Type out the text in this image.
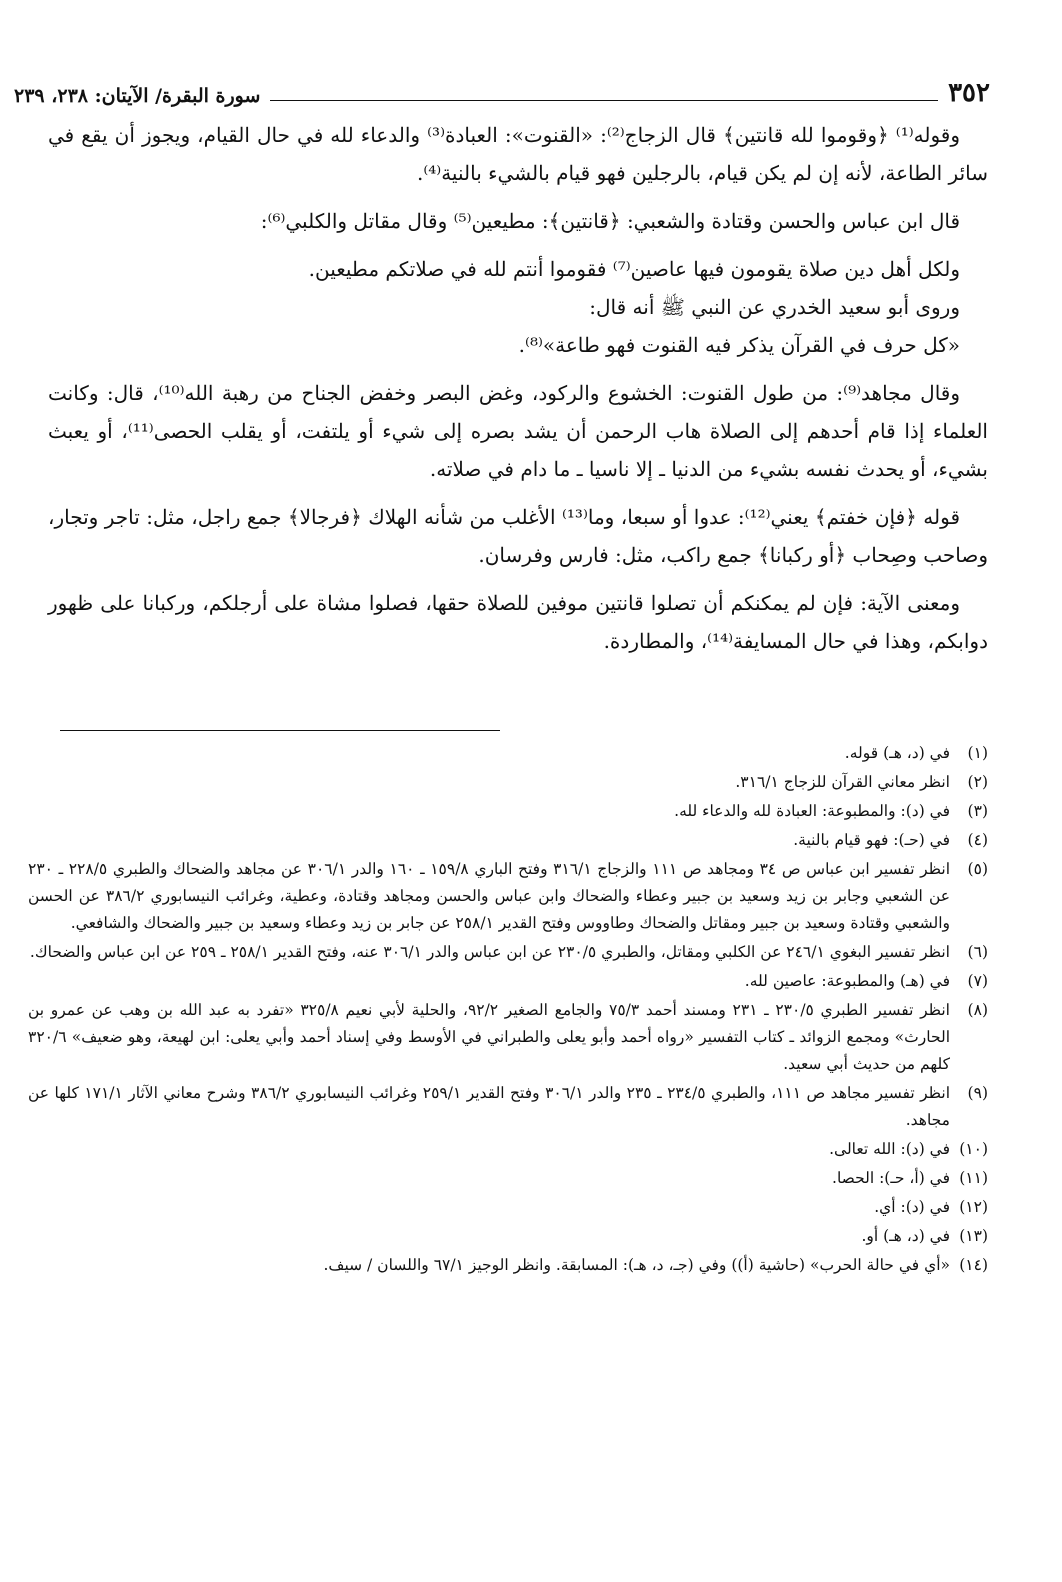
٣٥٢
سورة البقرة/ الآيتان: ٢٣٨، ٢٣٩

وقوله⁽¹⁾ ﴿وقوموا لله قانتين﴾ قال الزجاج⁽²⁾: «القنوت»: العبادة⁽³⁾ والدعاء لله في حال القيام، ويجوز أن يقع في سائر الطاعة، لأنه إن لم يكن قيام، بالرجلين فهو قيام بالشيء بالنية⁽⁴⁾.

قال ابن عباس والحسن وقتادة والشعبي: ﴿قانتين﴾: مطيعين⁽⁵⁾ وقال مقاتل والكلبي⁽⁶⁾:

ولكل أهل دين صلاة يقومون فيها عاصين⁽⁷⁾ فقوموا أنتم لله في صلاتكم مطيعين.

وروى أبو سعيد الخدري عن النبي ﷺ أنه قال:

«كل حرف في القرآن يذكر فيه القنوت فهو طاعة»⁽⁸⁾.

وقال مجاهد⁽⁹⁾: من طول القنوت: الخشوع والركود، وغض البصر وخفض الجناح من رهبة الله⁽¹⁰⁾، قال: وكانت العلماء إذا قام أحدهم إلى الصلاة هاب الرحمن أن يشد بصره إلى شيء أو يلتفت، أو يقلب الحصى⁽¹¹⁾، أو يعبث بشيء، أو يحدث نفسه بشيء من الدنيا ـ إلا ناسيا ـ ما دام في صلاته.

قوله ﴿فإن خفتم﴾ يعني⁽¹²⁾: عدوا أو سبعا، وما⁽¹³⁾ الأغلب من شأنه الهلاك ﴿فرجالا﴾ جمع راجل، مثل: تاجر وتجار، وصاحب وصِحاب ﴿أو ركبانا﴾ جمع راكب، مثل: فارس وفرسان.

ومعنى الآية: فإن لم يمكنكم أن تصلوا قانتين موفين للصلاة حقها، فصلوا مشاة على أرجلكم، وركبانا على ظهور دوابكم، وهذا في حال المسايفة⁽¹⁴⁾، والمطاردة.

(١)
في (د، هـ) قوله.
(٢)
انظر معاني القرآن للزجاج ٣١٦/١.
(٣)
في (د): والمطبوعة: العبادة لله والدعاء لله.
(٤)
في (حـ): فهو قيام بالنية.
(٥)
انظر تفسير ابن عباس ص ٣٤ ومجاهد ص ١١١ والزجاج ٣١٦/١ وفتح الباري ١٥٩/٨ ـ ١٦٠ والدر ٣٠٦/١ عن مجاهد والضحاك والطبري ٢٢٨/٥ ـ ٢٣٠ عن الشعبي وجابر بن زيد وسعيد بن جبير وعطاء والضحاك وابن عباس والحسن ومجاهد وقتادة، وعطية، وغرائب النيسابوري ٣٨٦/٢ عن الحسن والشعبي وقتادة وسعيد بن جبير ومقاتل والضحاك وطاووس وفتح القدير ٢٥٨/١ عن جابر بن زيد وعطاء وسعيد بن جبير والضحاك والشافعي.
(٦)
انظر تفسير البغوي ٢٤٦/١ عن الكلبي ومقاتل، والطبري ٢٣٠/٥ عن ابن عباس والدر ٣٠٦/١ عنه، وفتح القدير ٢٥٨/١ ـ ٢٥٩ عن ابن عباس والضحاك.
(٧)
في (هـ) والمطبوعة: عاصين لله.
(٨)
انظر تفسير الطبري ٢٣٠/٥ ـ ٢٣١ ومسند أحمد ٧٥/٣ والجامع الصغير ٩٢/٢، والحلية لأبي نعيم ٣٢٥/٨ «تفرد به عبد الله بن وهب عن عمرو بن الحارث» ومجمع الزوائد ـ كتاب التفسير «رواه أحمد وأبو يعلى والطبراني في الأوسط وفي إسناد أحمد وأبي يعلى: ابن لهيعة، وهو ضعيف» ٣٢٠/٦ كلهم من حديث أبي سعيد.
(٩)
انظر تفسير مجاهد ص ١١١، والطبري ٢٣٤/٥ ـ ٢٣٥ والدر ٣٠٦/١ وفتح القدير ٢٥٩/١ وغرائب النيسابوري ٣٨٦/٢ وشرح معاني الآثار ١٧١/١ كلها عن مجاهد.
(١٠)
في (د): الله تعالى.
(١١)
في (أ، حـ): الحصا.
(١٢)
في (د): أي.
(١٣)
في (د، هـ) أو.
(١٤)
«أي في حالة الحرب» (حاشية (أ)) وفي (جـ، د، هـ): المسابقة. وانظر الوجيز ٦٧/١ واللسان / سيف.
